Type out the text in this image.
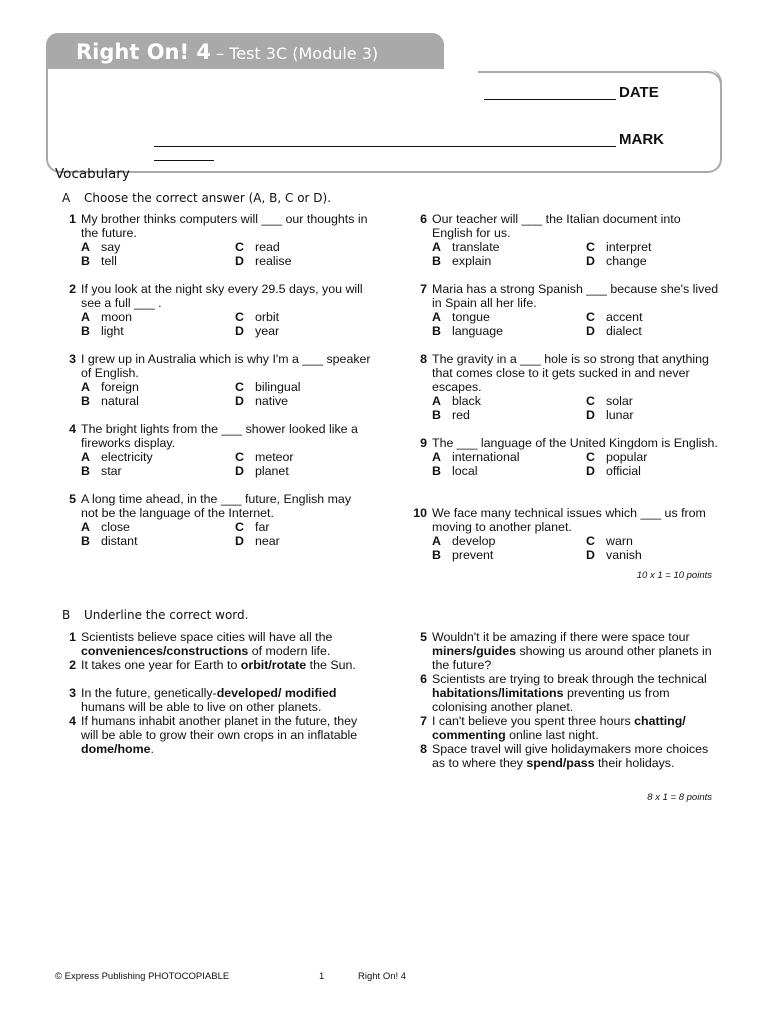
Right On! 4 – Test 3C (Module 3)
DATE
MARK
Vocabulary
A Choose the correct answer (A, B, C or D).
1 My brother thinks computers will ___ our thoughts in the future.
A say	C read
B tell	D realise
2 If you look at the night sky every 29.5 days, you will see a full ___ .
A moon	C orbit
B light	D year
3 I grew up in Australia which is why I'm a ___ speaker of English.
A foreign	C bilingual
B natural	D native
4 The bright lights from the ___ shower looked like a fireworks display.
A electricity	C meteor
B star	D planet
5 A long time ahead, in the ___ future, English may not be the language of the Internet.
A close	C far
B distant	D near
6 Our teacher will ___ the Italian document into English for us.
A translate	C interpret
B explain	D change
7 Maria has a strong Spanish ___ because she's lived in Spain all her life.
A tongue	C accent
B language	D dialect
8 The gravity in a ___ hole is so strong that anything that comes close to it gets sucked in and never escapes.
A black	C solar
B red	D lunar
9 The ___ language of the United Kingdom is English.
A international	C popular
B local	D official
10 We face many technical issues which ___ us from moving to another planet.
A develop	C warn
B prevent	D vanish
10 x 1 = 10 points
B Underline the correct word.
1 Scientists believe space cities will have all the conveniences/constructions of modern life.
2 It takes one year for Earth to orbit/rotate the Sun.
3 In the future, genetically-developed/ modified humans will be able to live on other planets.
4 If humans inhabit another planet in the future, they will be able to grow their own crops in an inflatable dome/home.
5 Wouldn't it be amazing if there were space tour miners/guides showing us around other planets in the future?
6 Scientists are trying to break through the technical habitations/limitations preventing us from colonising another planet.
7 I can't believe you spent three hours chatting/ commenting online last night.
8 Space travel will give holidaymakers more choices as to where they spend/pass their holidays.
8 x 1 = 8 points
© Express Publishing PHOTOCOPIABLE	1	Right On! 4
